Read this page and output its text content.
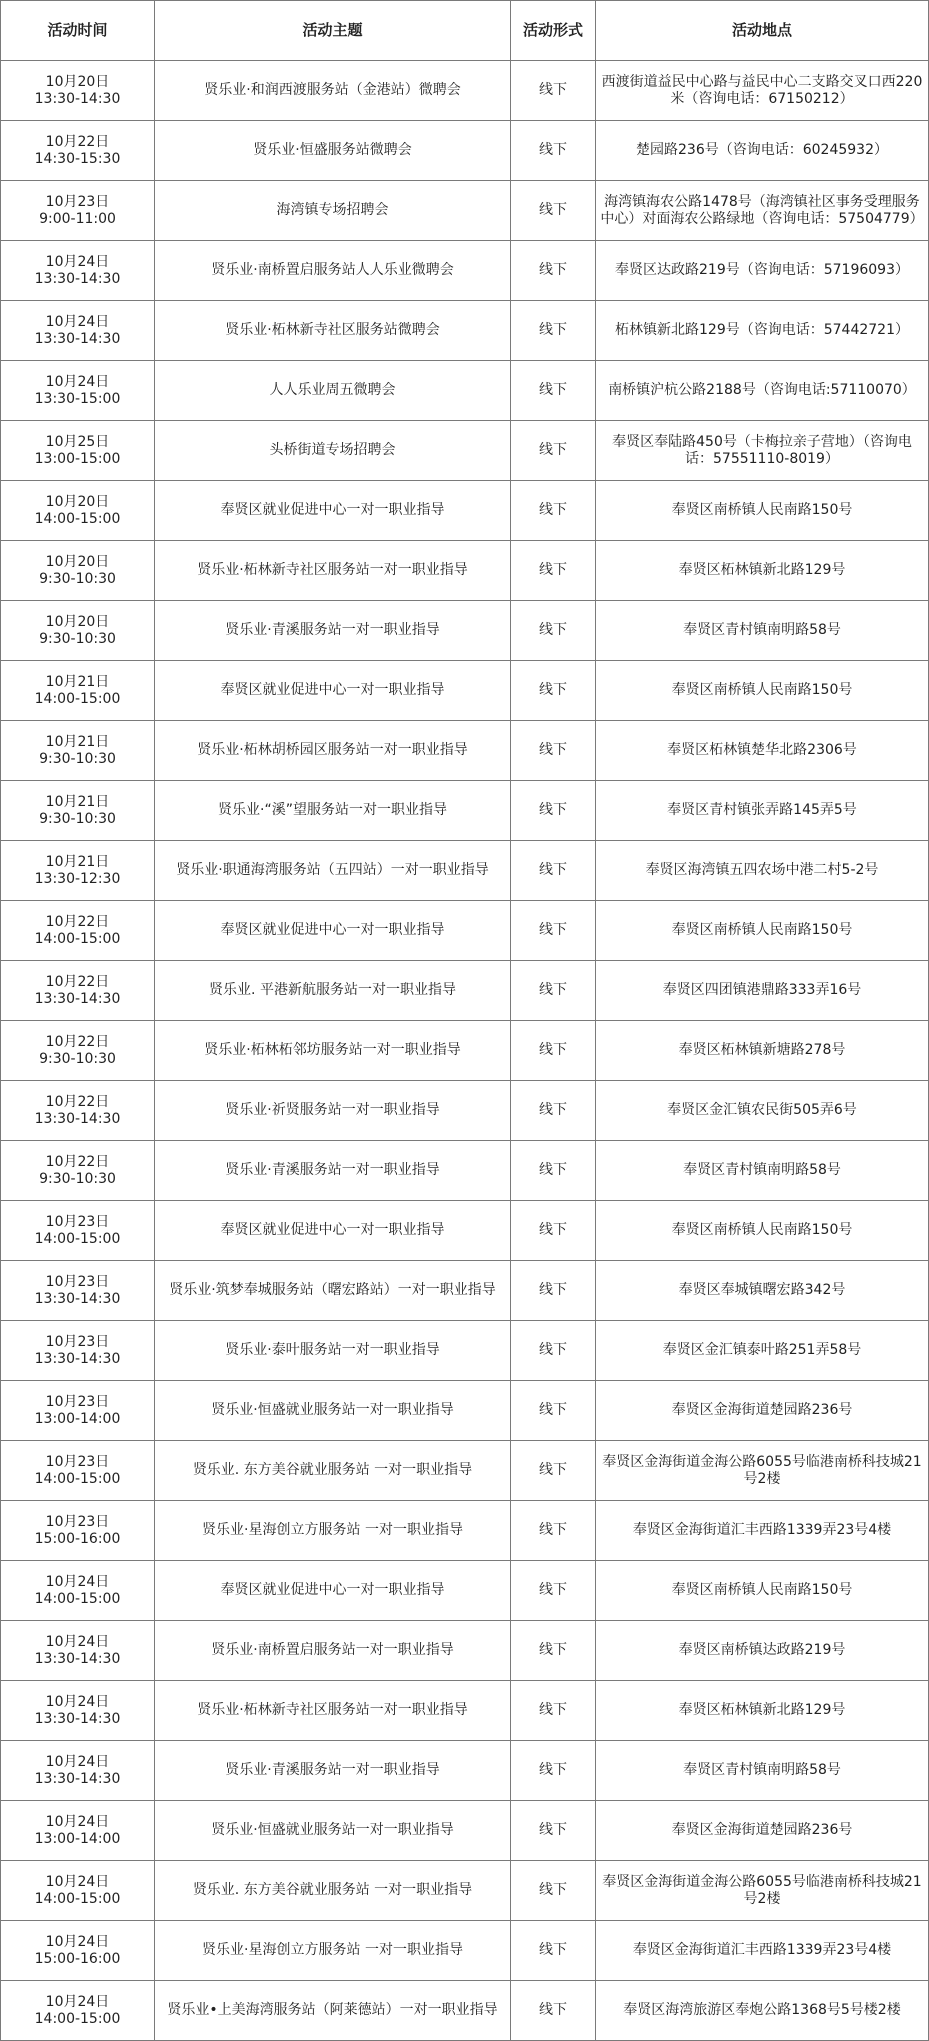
活动时间	活动主题	活动形式	活动地点
10月20日
13:30-14:30	贤乐业·和润西渡服务站（金港站）微聘会	线下	西渡街道益民中心路与益民中心二支路交叉口西220米（咨询电话：67150212）
10月22日
14:30-15:30	贤乐业·恒盛服务站微聘会	线下	楚园路236号（咨询电话：60245932）
10月23日
9:00-11:00	海湾镇专场招聘会	线下	海湾镇海农公路1478号（海湾镇社区事务受理服务中心）对面海农公路绿地（咨询电话：57504779）
10月24日
13:30-14:30	贤乐业·南桥置启服务站人人乐业微聘会	线下	奉贤区达政路219号（咨询电话：57196093）
10月24日
13:30-14:30	贤乐业·柘林新寺社区服务站微聘会	线下	柘林镇新北路129号（咨询电话：57442721）
10月24日
13:30-15:00	人人乐业周五微聘会	线下	南桥镇沪杭公路2188号（咨询电话:57110070）
10月25日
13:00-15:00	头桥街道专场招聘会	线下	奉贤区奉陆路450号（卡梅拉亲子营地）（咨询电话：57551110-8019）
10月20日
14:00-15:00	奉贤区就业促进中心一对一职业指导	线下	奉贤区南桥镇人民南路150号
10月20日
9:30-10:30	贤乐业·柘林新寺社区服务站一对一职业指导	线下	奉贤区柘林镇新北路129号
10月20日
9:30-10:30	贤乐业·青溪服务站一对一职业指导	线下	奉贤区青村镇南明路58号
10月21日
14:00-15:00	奉贤区就业促进中心一对一职业指导	线下	奉贤区南桥镇人民南路150号
10月21日
9:30-10:30	贤乐业·柘林胡桥园区服务站一对一职业指导	线下	奉贤区柘林镇楚华北路2306号
10月21日
9:30-10:30	贤乐业·“溪”望服务站一对一职业指导	线下	奉贤区青村镇张弄路145弄5号
10月21日
13:30-12:30	贤乐业·职通海湾服务站（五四站）一对一职业指导	线下	奉贤区海湾镇五四农场中港二村5-2号
10月22日
14:00-15:00	奉贤区就业促进中心一对一职业指导	线下	奉贤区南桥镇人民南路150号
10月22日
13:30-14:30	贤乐业. 平港新航服务站一对一职业指导	线下	奉贤区四团镇港鼎路333弄16号
10月22日
9:30-10:30	贤乐业·柘林柘邻坊服务站一对一职业指导	线下	奉贤区柘林镇新塘路278号
10月22日
13:30-14:30	贤乐业·祈贤服务站一对一职业指导	线下	奉贤区金汇镇农民街505弄6号
10月22日
9:30-10:30	贤乐业·青溪服务站一对一职业指导	线下	奉贤区青村镇南明路58号
10月23日
14:00-15:00	奉贤区就业促进中心一对一职业指导	线下	奉贤区南桥镇人民南路150号
10月23日
13:30-14:30	贤乐业·筑梦奉城服务站（曙宏路站）一对一职业指导	线下	奉贤区奉城镇曙宏路342号
10月23日
13:30-14:30	贤乐业·泰叶服务站一对一职业指导	线下	奉贤区金汇镇泰叶路251弄58号
10月23日
13:00-14:00	贤乐业·恒盛就业服务站一对一职业指导	线下	奉贤区金海街道楚园路236号
10月23日
14:00-15:00	贤乐业. 东方美谷就业服务站 一对一职业指导	线下	奉贤区金海街道金海公路6055号临港南桥科技城21号2楼
10月23日
15:00-16:00	贤乐业·星海创立方服务站 一对一职业指导	线下	奉贤区金海街道汇丰西路1339弄23号4楼
10月24日
14:00-15:00	奉贤区就业促进中心一对一职业指导	线下	奉贤区南桥镇人民南路150号
10月24日
13:30-14:30	贤乐业·南桥置启服务站一对一职业指导	线下	奉贤区南桥镇达政路219号
10月24日
13:30-14:30	贤乐业·柘林新寺社区服务站一对一职业指导	线下	奉贤区柘林镇新北路129号
10月24日
13:30-14:30	贤乐业·青溪服务站一对一职业指导	线下	奉贤区青村镇南明路58号
10月24日
13:00-14:00	贤乐业·恒盛就业服务站一对一职业指导	线下	奉贤区金海街道楚园路236号
10月24日
14:00-15:00	贤乐业. 东方美谷就业服务站 一对一职业指导	线下	奉贤区金海街道金海公路6055号临港南桥科技城21号2楼
10月24日
15:00-16:00	贤乐业·星海创立方服务站 一对一职业指导	线下	奉贤区金海街道汇丰西路1339弄23号4楼
10月24日
14:00-15:00	贤乐业•上美海湾服务站（阿莱德站）一对一职业指导	线下	奉贤区海湾旅游区奉炮公路1368号5号楼2楼
